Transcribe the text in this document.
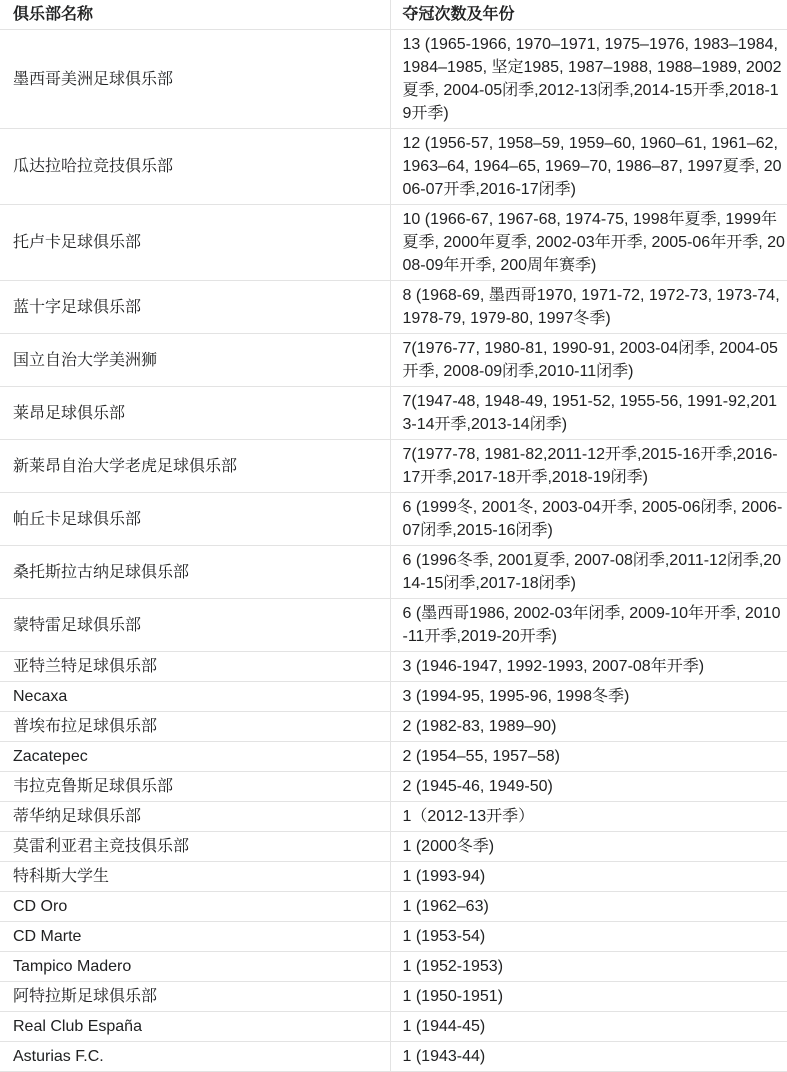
俱乐部名称	夺冠次数及年份
墨西哥美洲足球俱乐部	13 (1965-1966, 1970–1971, 1975–1976, 1983–1984, 1984–1985, 坚定1985, 1987–1988, 1988–1989, 2002夏季, 2004-05闭季,2012-13闭季,2014-15开季,2018-19开季)
瓜达拉哈拉竞技俱乐部	12 (1956-57, 1958–59, 1959–60, 1960–61, 1961–62, 1963–64, 1964–65, 1969–70, 1986–87, 1997夏季, 2006-07开季,2016-17闭季)
托卢卡足球俱乐部	10 (1966-67, 1967-68, 1974-75, 1998年夏季, 1999年夏季, 2000年夏季, 2002-03年开季, 2005-06年开季, 2008-09年开季, 200周年赛季)
蓝十字足球俱乐部	8 (1968-69, 墨西哥1970, 1971-72, 1972-73, 1973-74, 1978-79, 1979-80, 1997冬季)
国立自治大学美洲狮	7(1976-77, 1980-81, 1990-91, 2003-04闭季, 2004-05开季, 2008-09闭季,2010-11闭季)
莱昂足球俱乐部	7(1947-48, 1948-49, 1951-52, 1955-56, 1991-92,2013-14开季,2013-14闭季)
新莱昂自治大学老虎足球俱乐部	7(1977-78, 1981-82,2011-12开季,2015-16开季,2016-17开季,2017-18开季,2018-19闭季)
帕丘卡足球俱乐部	6 (1999冬, 2001冬, 2003-04开季, 2005-06闭季, 2006-07闭季,2015-16闭季)
桑托斯拉古纳足球俱乐部	6 (1996冬季, 2001夏季, 2007-08闭季,2011-12闭季,2014-15闭季,2017-18闭季)
蒙特雷足球俱乐部	6 (墨西哥1986, 2002-03年闭季, 2009-10年开季, 2010-11开季,2019-20开季)
亚特兰特足球俱乐部	3 (1946-1947, 1992-1993, 2007-08年开季)
Necaxa	3 (1994-95, 1995-96, 1998冬季)
普埃布拉足球俱乐部	2 (1982-83, 1989–90)
Zacatepec	2 (1954–55, 1957–58)
韦拉克鲁斯足球俱乐部	2 (1945-46, 1949-50)
蒂华纳足球俱乐部	1（2012-13开季）
莫雷利亚君主竞技俱乐部	1 (2000冬季)
特科斯大学生	1 (1993-94)
CD Oro	1 (1962–63)
CD Marte	1 (1953-54)
Tampico Madero	1 (1952-1953)
阿特拉斯足球俱乐部	1 (1950-1951)
Real Club España	1 (1944-45)
Asturias F.C.	1 (1943-44)
